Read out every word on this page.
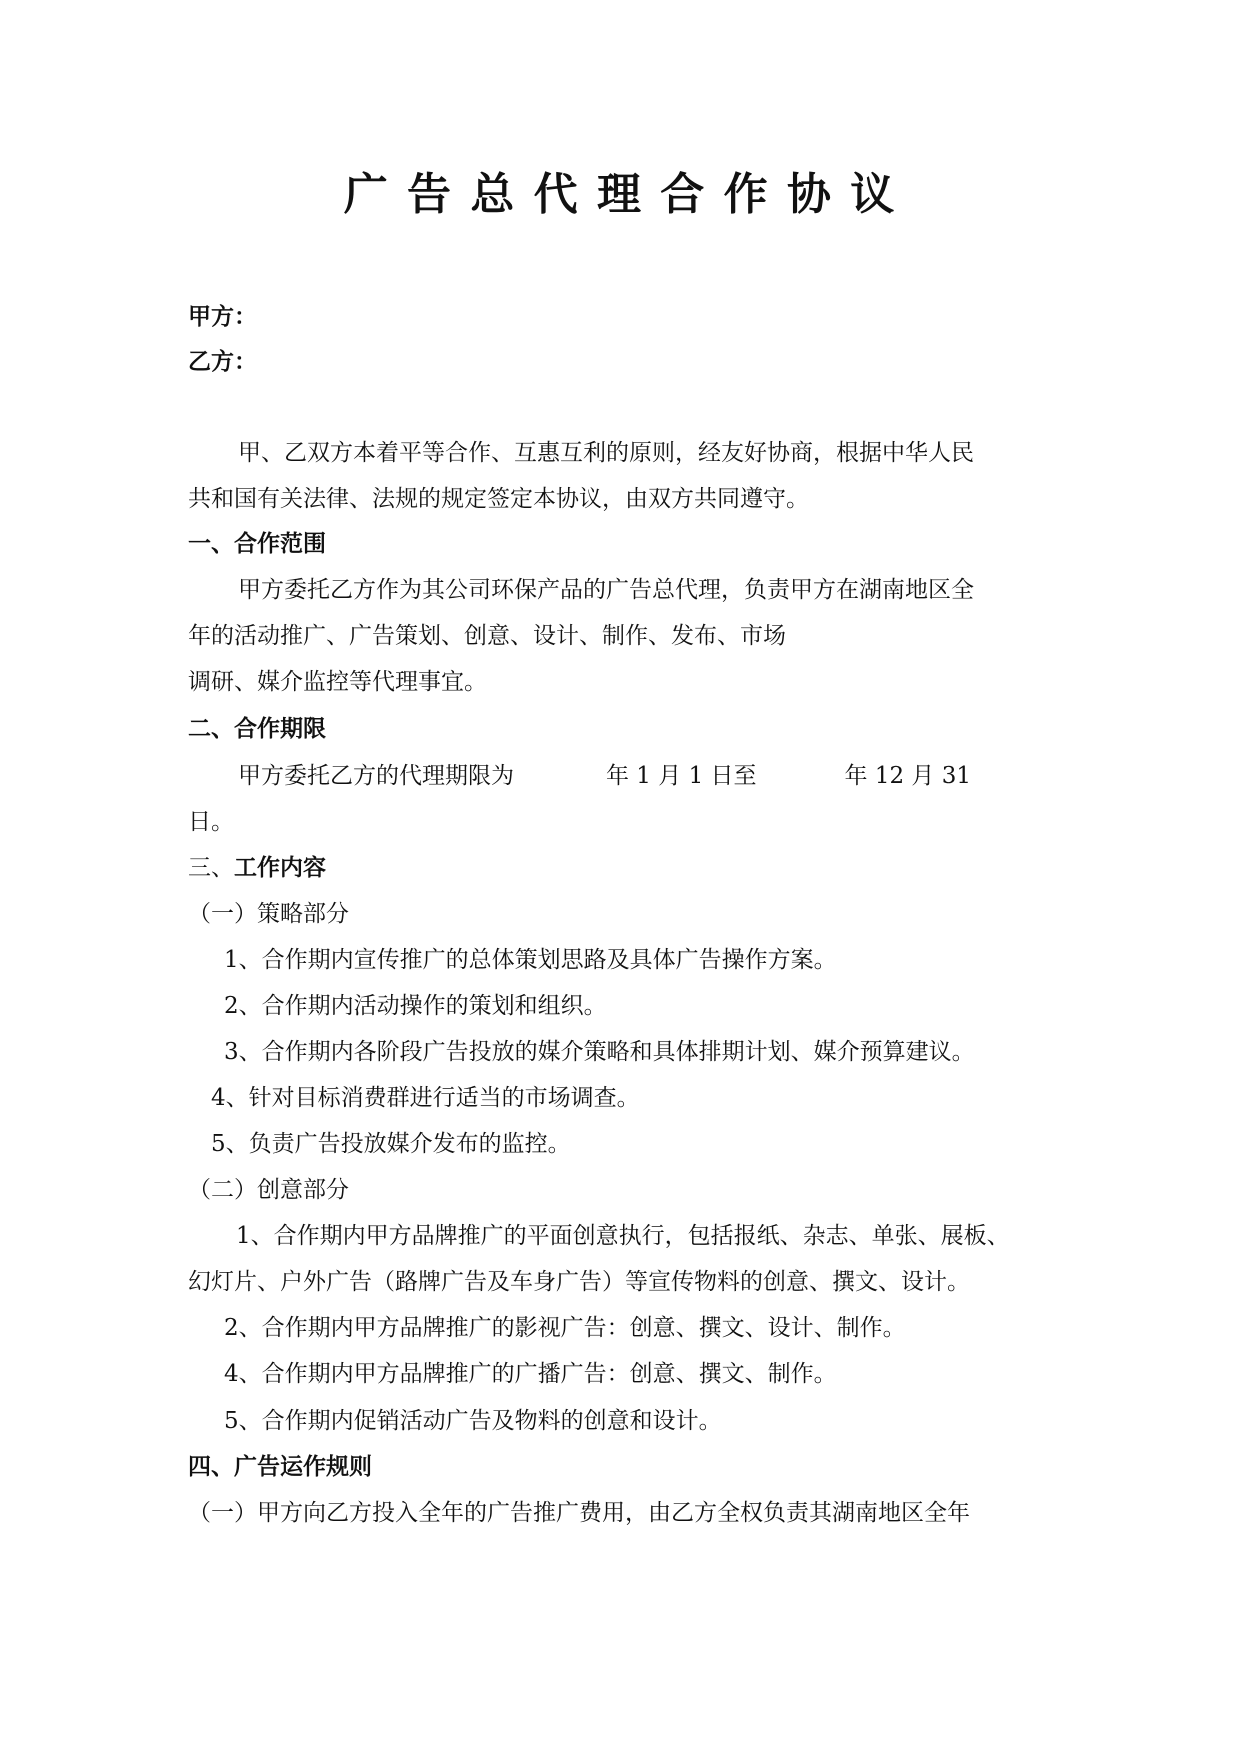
广 告 总 代 理 合 作 协 议

甲方：

乙方：

甲、乙双方本着平等合作、互惠互利的原则，经友好协商，根据中华人民

共和国有关法律、法规的规定签定本协议，由双方共同遵守。

一、合作范围

甲方委托乙方作为其公司环保产品的广告总代理，负责甲方在湖南地区全

年的活动推广、广告策划、创意、设计、制作、发布、市场

调研、媒介监控等代理事宜。

二、合作期限

甲方委托乙方的代理期限为	年 1 月 1 日至	年 12 月 31

日。

三、工作内容

（一）策略部分

1、合作期内宣传推广的总体策划思路及具体广告操作方案。

2、合作期内活动操作的策划和组织。

3、合作期内各阶段广告投放的媒介策略和具体排期计划、媒介预算建议。

4、针对目标消费群进行适当的市场调查。

5、负责广告投放媒介发布的监控。

（二）创意部分

1、合作期内甲方品牌推广的平面创意执行，包括报纸、杂志、单张、展板、

幻灯片、户外广告（路牌广告及车身广告）等宣传物料的创意、撰文、设计。

2、合作期内甲方品牌推广的影视广告：创意、撰文、设计、制作。

4、合作期内甲方品牌推广的广播广告：创意、撰文、制作。

5、合作期内促销活动广告及物料的创意和设计。

四、广告运作规则

（一）甲方向乙方投入全年的广告推广费用，由乙方全权负责其湖南地区全年
